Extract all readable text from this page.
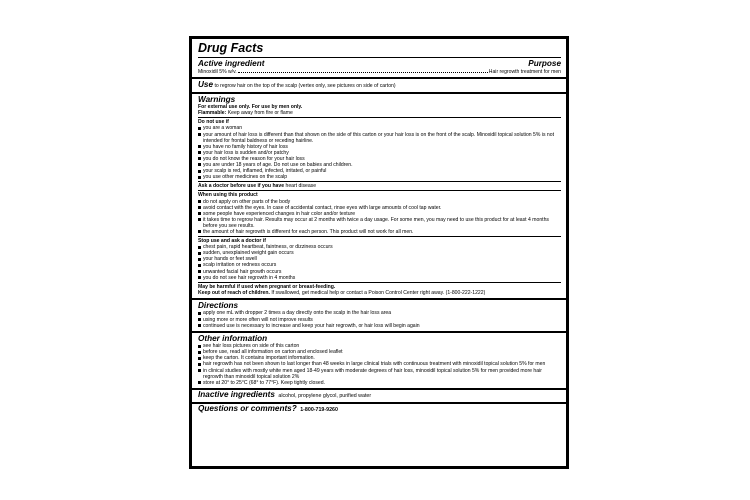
Drug Facts
Active ingredient	Purpose
Minoxidil 5% w/v.	Hair regrowth treatment for men
Use to regrow hair on the top of the scalp (vertex only, see pictures on side of carton)
Warnings
For external use only. For use by men only.
Flammable: Keep away from fire or flame
Do not use if
you are a woman
your amount of hair loss is different than that shown on the side of this carton or your hair loss is on the front of the scalp. Minoxidil topical solution 5% is not intended for frontal baldness or receding hairline.
you have no family history of hair loss
your hair loss is sudden and/or patchy
you do not know the reason for your hair loss
you are under 18 years of age. Do not use on babies and children.
your scalp is red, inflamed, infected, irritated, or painful
you use other medicines on the scalp
Ask a doctor before use if you have heart disease
When using this product
do not apply on other parts of the body
avoid contact with the eyes. In case of accidental contact, rinse eyes with large amounts of cool tap water.
some people have experienced changes in hair color and/or texture
it takes time to regrow hair. Results may occur at 2 months with twice a day usage. For some men, you may need to use this product for at least 4 months before you see results.
the amount of hair regrowth is different for each person. This product will not work for all men.
Stop use and ask a doctor if
chest pain, rapid heartbeat, faintness, or dizziness occurs
sudden, unexplained weight gain occurs
your hands or feet swell
scalp irritation or redness occurs
unwanted facial hair growth occurs
you do not see hair regrowth in 4 months
May be harmful if used when pregnant or breast-feeding.
Keep out of reach of children. If swallowed, get medical help or contact a Poison Control Center right away. (1-800-222-1222)
Directions
apply one mL with dropper 2 times a day directly onto the scalp in the hair loss area
using more or more often will not improve results
continued use is necessary to increase and keep your hair regrowth, or hair loss will begin again
Other information
see hair loss pictures on side of this carton
before use, read all information on carton and enclosed leaflet
keep the carton. It contains important information.
hair regrowth has not been shown to last longer than 48 weeks in large clinical trials with continuous treatment with minoxidil topical solution 5% for men
in clinical studies with mostly white men aged 18-49 years with moderate degrees of hair loss, minoxidil topical solution 5% for men provided more hair regrowth than minoxidil topical solution 2%
store at 20° to 25°C (68° to 77°F). Keep tightly closed.
Inactive ingredients alcohol, propylene glycol, purified water
Questions or comments? 1-800-719-9260
